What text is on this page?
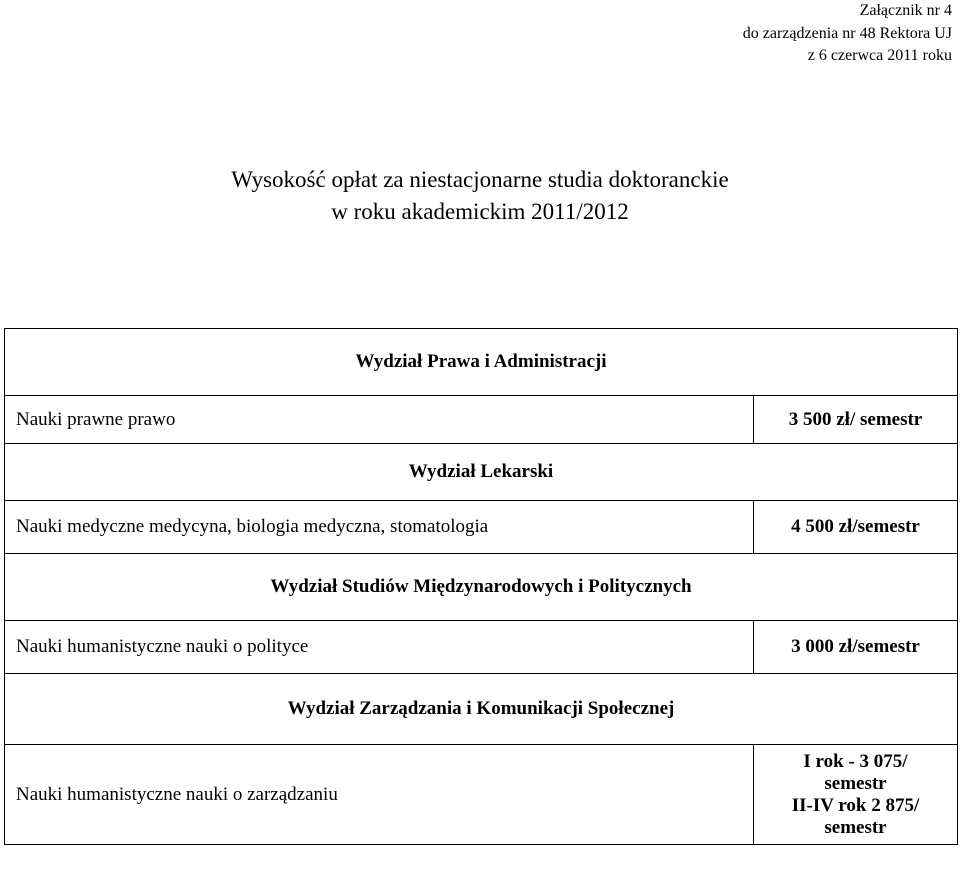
Załącznik nr 4
do zarządzenia nr 48 Rektora UJ
z 6 czerwca 2011 roku
Wysokość opłat za niestacjonarne studia doktoranckie
w roku akademickim 2011/2012
Wydział Prawa i Administracji	
Nauki prawne prawo	3 500 zł/ semestr
Wydział Lekarski	
Nauki medyczne medycyna, biologia medyczna, stomatologia	4 500 zł/semestr
Wydział Studiów Międzynarodowych i Politycznych	
Nauki humanistyczne nauki o polityce	3 000 zł/semestr
Wydział Zarządzania i Komunikacji Społecznej	
Nauki humanistyczne nauki o zarządzaniu	I rok - 3 075/
semestr
II-IV rok 2 875/
semestr
